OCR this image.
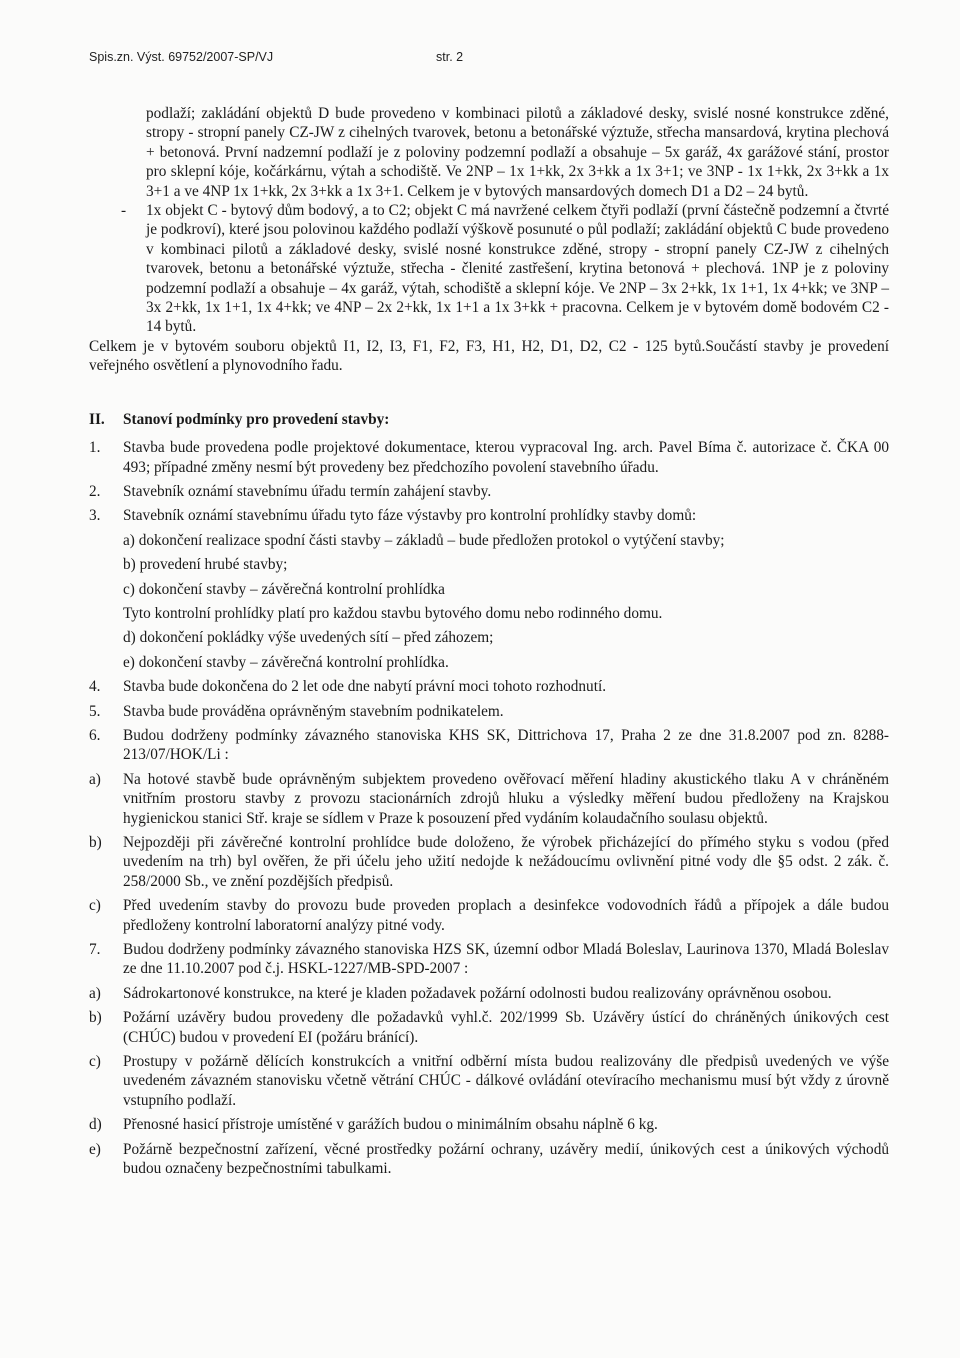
Spis.zn. Výst. 69752/2007-SP/VJ	str. 2

podlaží; zakládání objektů D bude provedeno v kombinaci pilotů a základové desky, svislé nosné konstrukce zděné, stropy - stropní panely CZ-JW z cihelných tvarovek, betonu a betonářské výztuže, střecha mansardová, krytina plechová + betonová. První nadzemní podlaží je z poloviny podzemní podlaží a obsahuje – 5x garáž, 4x garážové stání, prostor pro sklepní kóje, kočárkárnu, výtah a schodiště. Ve 2NP – 1x 1+kk, 2x 3+kk a 1x 3+1; ve 3NP - 1x 1+kk, 2x 3+kk a 1x 3+1 a ve 4NP 1x 1+kk, 2x 3+kk a 1x 3+1. Celkem je v bytových mansardových domech D1 a D2 – 24 bytů.

- 1x objekt C - bytový dům bodový, a to C2; objekt C má navržené celkem čtyři podlaží (první částečně podzemní a čtvrté je podkroví), které jsou polovinou každého podlaží výškově posunuté o půl podlaží; zakládání objektů C bude provedeno v kombinaci pilotů a základové desky, svislé nosné konstrukce zděné, stropy - stropní panely CZ-JW z cihelných tvarovek, betonu a betonářské výztuže, střecha - členité zastřešení, krytina betonová + plechová. 1NP je z poloviny podzemní podlaží a obsahuje – 4x garáž, výtah, schodiště a sklepní kóje. Ve 2NP – 3x 2+kk, 1x 1+1, 1x 4+kk; ve 3NP – 3x 2+kk, 1x 1+1, 1x 4+kk; ve 4NP – 2x 2+kk, 1x 1+1 a 1x 3+kk + pracovna. Celkem je v bytovém domě bodovém C2 - 14 bytů.

Celkem je v bytovém souboru objektů I1, I2, I3, F1, F2, F3, H1, H2, D1, D2, C2 - 125 bytů.Součástí stavby je provedení veřejného osvětlení a plynovodního řadu.

II. Stanoví podmínky pro provedení stavby:
1. Stavba bude provedena podle projektové dokumentace, kterou vypracoval Ing. arch. Pavel Bíma č. autorizace č. ČKA 00 493; případné změny nesmí být provedeny bez předchozího povolení stavebního úřadu.

2. Stavebník oznámí stavebnímu úřadu termín zahájení stavby.

3. Stavebník oznámí stavebnímu úřadu tyto fáze výstavby pro kontrolní prohlídky stavby domů:

a) dokončení realizace spodní části stavby – základů – bude předložen protokol o vytýčení stavby;

b) provedení hrubé stavby;

c) dokončení stavby – závěrečná kontrolní prohlídka

Tyto kontrolní prohlídky platí pro každou stavbu bytového domu nebo rodinného domu.

d) dokončení pokládky výše uvedených sítí – před záhozem;

e) dokončení stavby – závěrečná kontrolní prohlídka.

4. Stavba bude dokončena do 2 let ode dne nabytí právní moci tohoto rozhodnutí.

5. Stavba bude prováděna oprávněným stavebním podnikatelem.

6. Budou dodrženy podmínky závazného stanoviska KHS SK, Dittrichova 17, Praha 2 ze dne 31.8.2007 pod zn. 8288-213/07/HOK/Li :

a) Na hotové stavbě bude oprávněným subjektem provedeno ověřovací měření hladiny akustického tlaku A v chráněném vnitřním prostoru stavby z provozu stacionárních zdrojů hluku a výsledky měření budou předloženy na Krajskou hygienickou stanici Stř. kraje se sídlem v Praze k posouzení před vydáním kolaudačního soulasu objektů.

b) Nejpozději při závěrečné kontrolní prohlídce bude doloženo, že výrobek přicházející do přímého styku s vodou (před uvedením na trh) byl ověřen, že při účelu jeho užití nedojde k nežádoucímu ovlivnění pitné vody dle §5 odst. 2 zák. č. 258/2000 Sb., ve znění pozdějších předpisů.

c) Před uvedením stavby do provozu bude proveden proplach a desinfekce vodovodních řádů a přípojek a dále budou předloženy kontrolní laboratorní analýzy pitné vody.

7. Budou dodrženy podmínky závazného stanoviska HZS SK, územní odbor Mladá Boleslav, Laurinova 1370, Mladá Boleslav ze dne 11.10.2007 pod č.j. HSKL-1227/MB-SPD-2007 :

a) Sádrokartonové konstrukce, na které je kladen požadavek požární odolnosti budou realizovány oprávněnou osobou.

b) Požární uzávěry budou provedeny dle požadavků vyhl.č. 202/1999 Sb. Uzávěry ústící do chráněných únikových cest (CHÚC) budou v provedení EI (požáru bránící).

c) Prostupy v požárně dělících konstrukcích a vnitřní odběrní místa budou realizovány dle předpisů uvedených ve výše uvedeném závazném stanovisku včetně větrání CHÚC - dálkové ovládání otevíracího mechanismu musí být vždy z úrovně vstupního podlaží.

d) Přenosné hasicí přístroje umístěné v garážích budou o minimálním obsahu náplně 6 kg.

e) Požárně bezpečnostní zařízení, věcné prostředky požární ochrany, uzávěry medií, únikových cest a únikových východů budou označeny bezpečnostními tabulkami.
